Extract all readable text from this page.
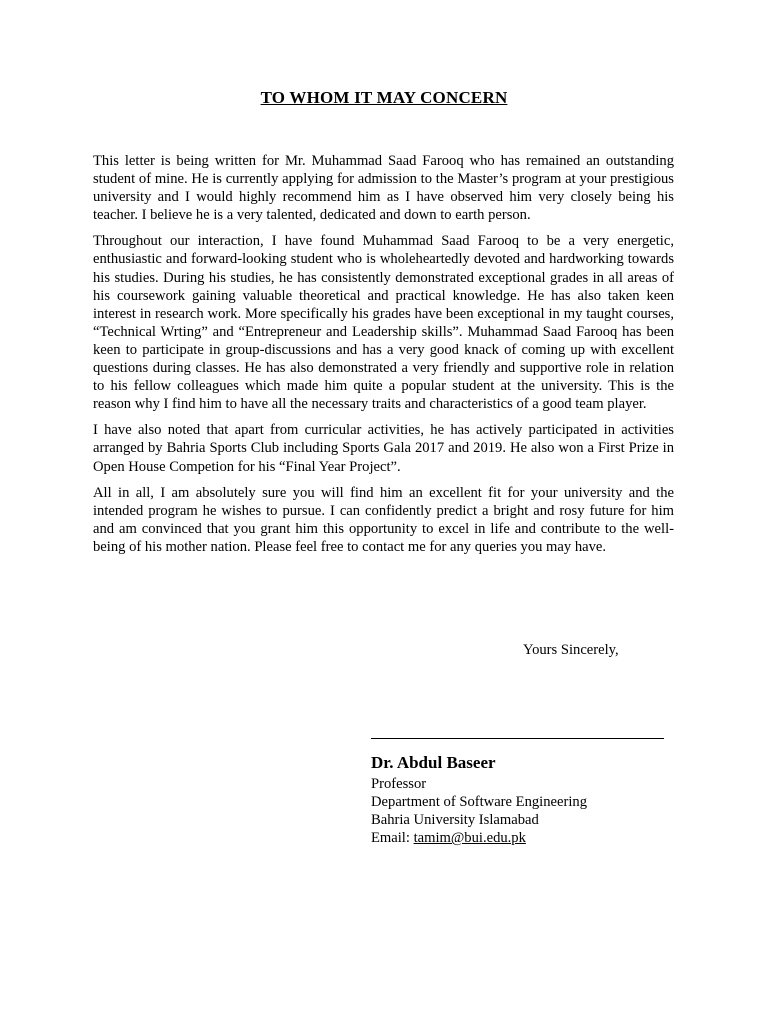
TO WHOM IT MAY CONCERN

This letter is being written for Mr. Muhammad Saad Farooq who has remained an outstanding student of mine. He is currently applying for admission to the Master’s program at your prestigious university and I would highly recommend him as I have observed him very closely being his teacher. I believe he is a very talented, dedicated and down to earth person.

Throughout our interaction, I have found Muhammad Saad Farooq to be a very energetic, enthusiastic and forward-looking student who is wholeheartedly devoted and hardworking towards his studies. During his studies, he has consistently demonstrated exceptional grades in all areas of his coursework gaining valuable theoretical and practical knowledge. He has also taken keen interest in research work. More specifically his grades have been exceptional in my taught courses, “Technical Wrting” and “Entrepreneur and Leadership skills”. Muhammad Saad Farooq has been keen to participate in group-discussions and has a very good knack of coming up with excellent questions during classes. He has also demonstrated a very friendly and supportive role in relation to his fellow colleagues which made him quite a popular student at the university. This is the reason why I find him to have all the necessary traits and characteristics of a good team player.

I have also noted that apart from curricular activities, he has actively participated in activities arranged by Bahria Sports Club including Sports Gala 2017 and 2019. He also won a First Prize in Open House Competion for his “Final Year Project”.

All in all, I am absolutely sure you will find him an excellent fit for your university and the intended program he wishes to pursue. I can confidently predict a bright and rosy future for him and am convinced that you grant him this opportunity to excel in life and contribute to the well-being of his mother nation. Please feel free to contact me for any queries you may have.

Yours Sincerely,
Dr. Abdul Baseer
Professor
Department of Software Engineering
Bahria University Islamabad
Email: tamim@bui.edu.pk
